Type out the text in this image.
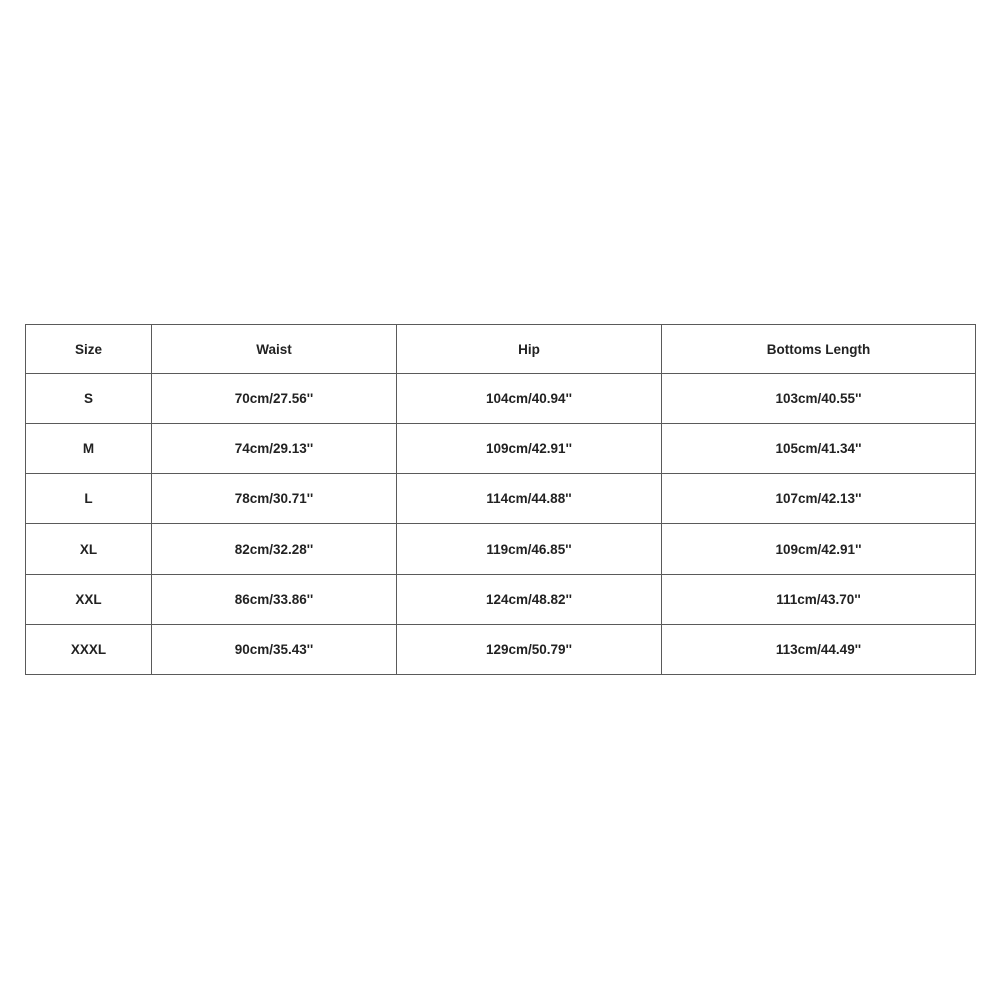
Size	Waist	Hip	Bottoms Length
S	70cm/27.56''	104cm/40.94''	103cm/40.55''
M	74cm/29.13''	109cm/42.91''	105cm/41.34''
L	78cm/30.71''	114cm/44.88''	107cm/42.13''
XL	82cm/32.28''	119cm/46.85''	109cm/42.91''
XXL	86cm/33.86''	124cm/48.82''	111cm/43.70''
XXXL	90cm/35.43''	129cm/50.79''	113cm/44.49''
